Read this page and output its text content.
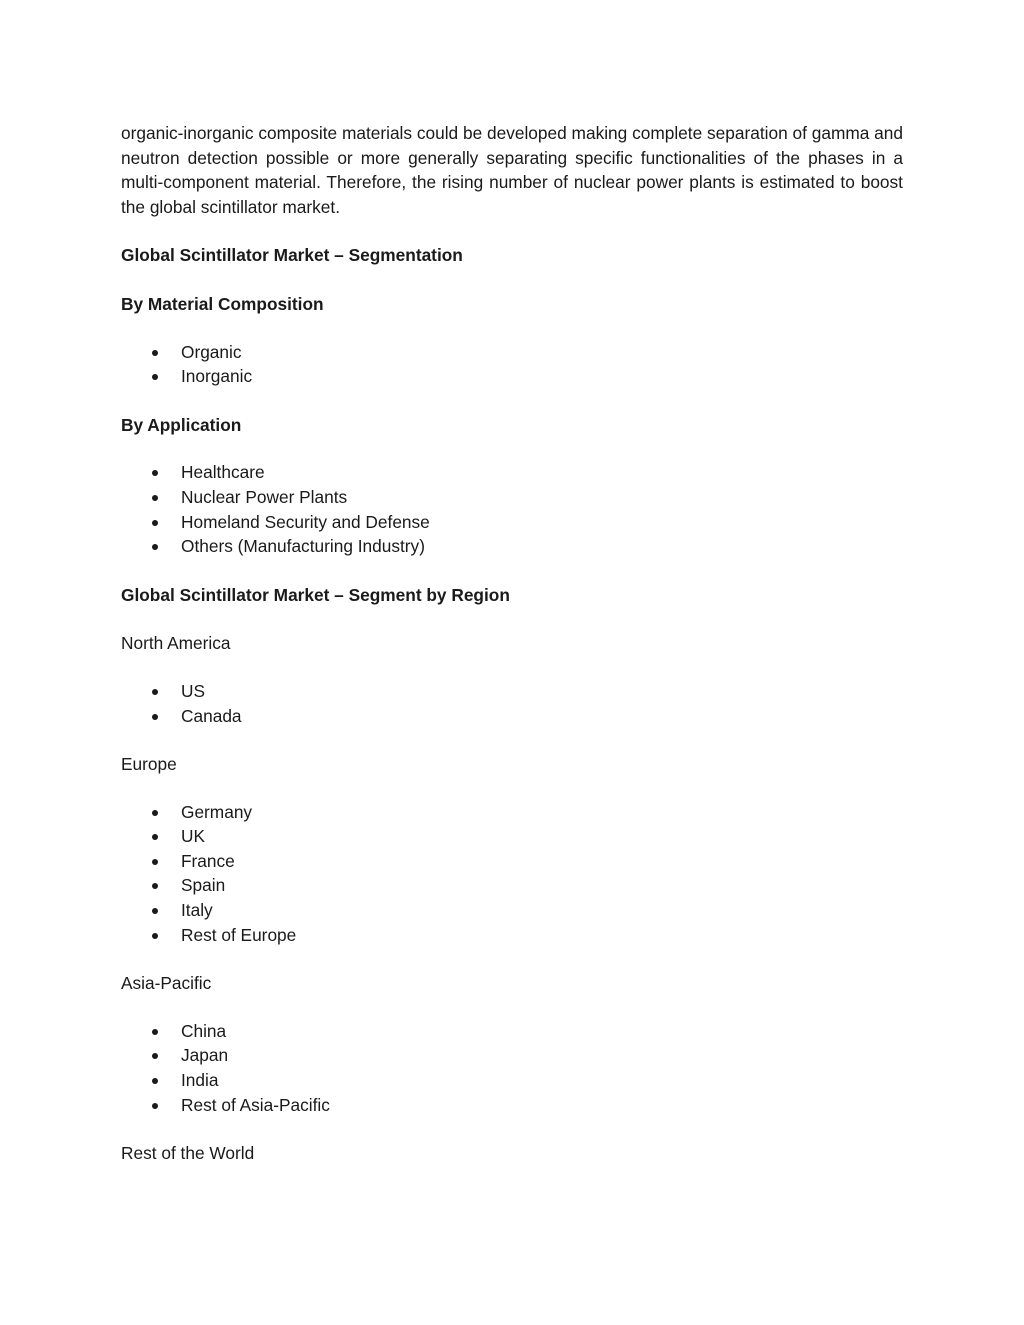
organic-inorganic composite materials could be developed making complete separation of gamma and neutron detection possible or more generally separating specific functionalities of the phases in a multi-component material. Therefore, the rising number of nuclear power plants is estimated to boost the global scintillator market.

Global Scintillator Market – Segmentation

By Material Composition

Organic
Inorganic

By Application

Healthcare
Nuclear Power Plants
Homeland Security and Defense
Others (Manufacturing Industry)

Global Scintillator Market – Segment by Region

North America

US
Canada

Europe

Germany
UK
France
Spain
Italy
Rest of Europe

Asia-Pacific

China
Japan
India
Rest of Asia-Pacific

Rest of the World
